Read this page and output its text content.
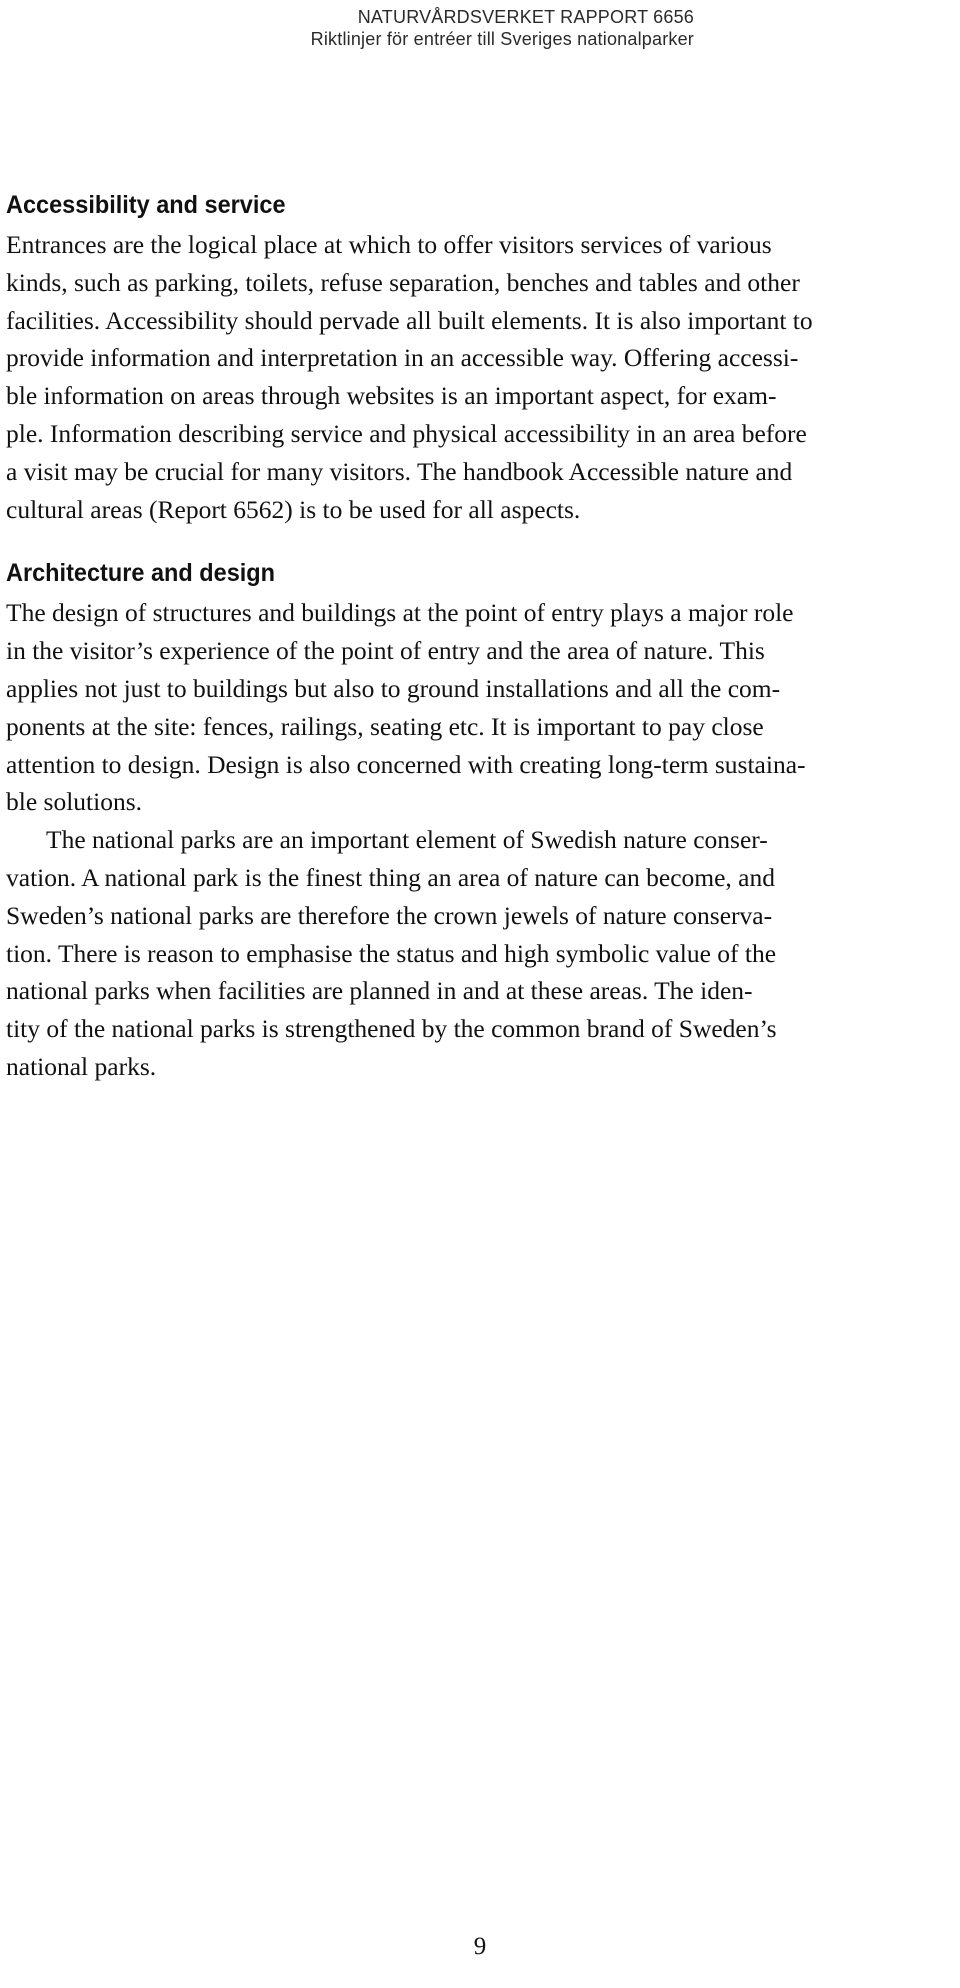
NATURVÅRDSVERKET RAPPORT 6656
Riktlinjer för entréer till Sveriges nationalparker
Accessibility and service
Entrances are the logical place at which to offer visitors services of various
kinds, such as parking, toilets, refuse separation, benches and tables and other
facilities. Accessibility should pervade all built elements. It is also important to
provide information and interpretation in an accessible way. Offering accessi-
ble information on areas through websites is an important aspect, for exam-
ple. Information describing service and physical accessibility in an area before
a visit may be crucial for many visitors. The handbook Accessible nature and
cultural areas (Report 6562) is to be used for all aspects.
Architecture and design
The design of structures and buildings at the point of entry plays a major role
in the visitor’s experience of the point of entry and the area of nature. This
applies not just to buildings but also to ground installations and all the com-
ponents at the site: fences, railings, seating etc. It is important to pay close
attention to design. Design is also concerned with creating long-term sustaina-
ble solutions.
The national parks are an important element of Swedish nature conser-
vation. A national park is the finest thing an area of nature can become, and
Sweden’s national parks are therefore the crown jewels of nature conserva-
tion. There is reason to emphasise the status and high symbolic value of the
national parks when facilities are planned in and at these areas. The iden-
tity of the national parks is strengthened by the common brand of Sweden’s
national parks.
9
